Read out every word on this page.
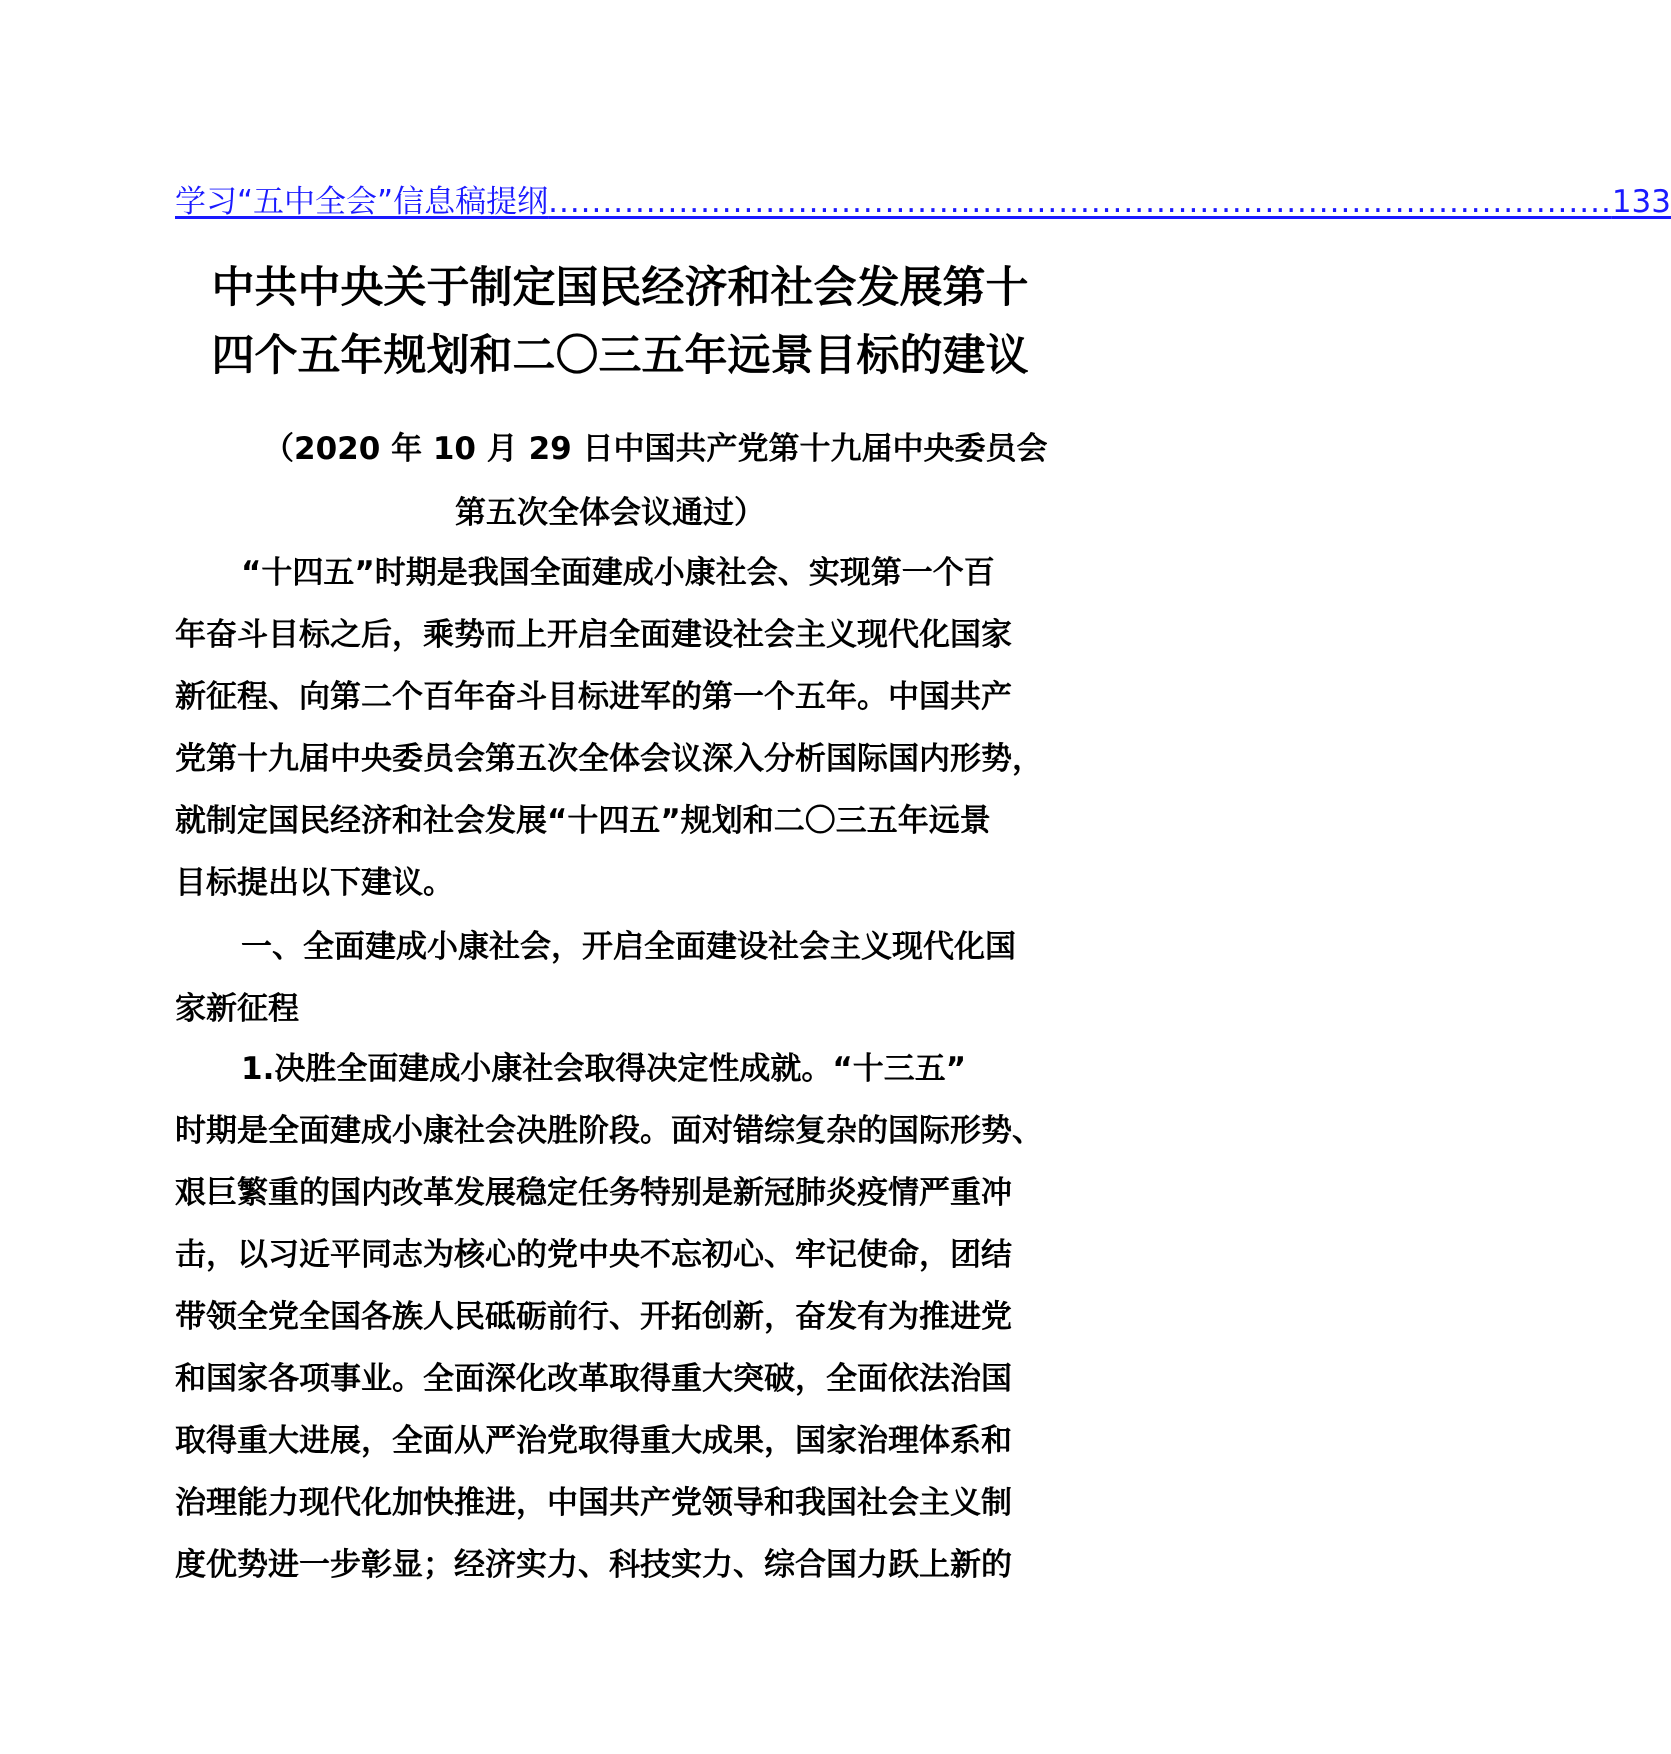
学习“五中全会”信息稿提纲 .................................................................................................. 133
中共中央关于制定国民经济和社会发展第十
四个五年规划和二〇三五年远景目标的建议

（2020 年 10 月 29 日中国共产党第十九届中央委员会

第五次全体会议通过）

“十四五”时期是我国全面建成小康社会、实现第一个百
年奋斗目标之后，乘势而上开启全面建设社会主义现代化国家
新征程、向第二个百年奋斗目标进军的第一个五年。中国共产
党第十九届中央委员会第五次全体会议深入分析国际国内形势，
就制定国民经济和社会发展“十四五”规划和二〇三五年远景
目标提出以下建议。
一、全面建成小康社会，开启全面建设社会主义现代化国
家新征程
1.决胜全面建成小康社会取得决定性成就。“十三五”
时期是全面建成小康社会决胜阶段。面对错综复杂的国际形势、
艰巨繁重的国内改革发展稳定任务特别是新冠肺炎疫情严重冲
击，以习近平同志为核心的党中央不忘初心、牢记使命，团结
带领全党全国各族人民砥砺前行、开拓创新，奋发有为推进党
和国家各项事业。全面深化改革取得重大突破，全面依法治国
取得重大进展，全面从严治党取得重大成果，国家治理体系和
治理能力现代化加快推进，中国共产党领导和我国社会主义制
度优势进一步彰显；经济实力、科技实力、综合国力跃上新的
